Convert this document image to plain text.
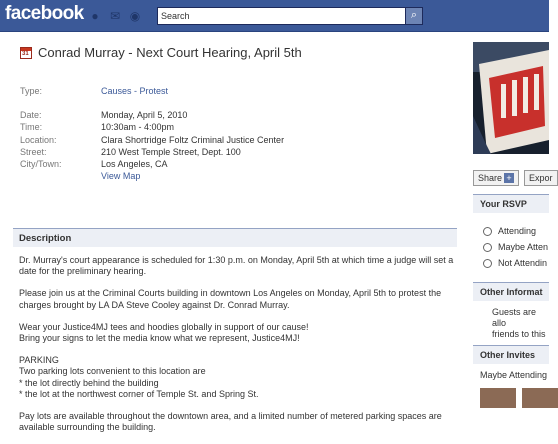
facebook ● ✉ ◉
Search	⌕
31 Conrad Murray - Next Court Hearing, April 5th
Type:	Causes - Protest
Date:	Monday, April 5, 2010
Time:	10:30am - 4:00pm
Location:	Clara Shortridge Foltz Criminal Justice Center
Street:	210 West Temple Street, Dept. 100
City/Town:	Los Angeles, CA
View Map
Description

Dr. Murray's court appearance is scheduled for 1:30 p.m. on Monday, April 5th at which time a judge will set a date for the preliminary hearing.

Please join us at the Criminal Courts building in downtown Los Angeles on Monday, April 5th to protest the charges brought by LA DA Steve Cooley against Dr. Conrad Murray.

Wear your Justice4MJ tees and hoodies globally in support of our cause!
Bring your signs to let the media know what we represent, Justice4MJ!

PARKING
Two parking lots convenient to this location are
* the lot directly behind the building
* the lot at the northwest corner of Temple St. and Spring St.

Pay lots are available throughout the downtown area, and a limited number of metered parking spaces are available surrounding the building.

Share +	Expor
Your RSVP
Attending
Maybe Atten
Not Attendin
Other Informat
Guests are allo
friends to this
Other Invites
Maybe Attending
